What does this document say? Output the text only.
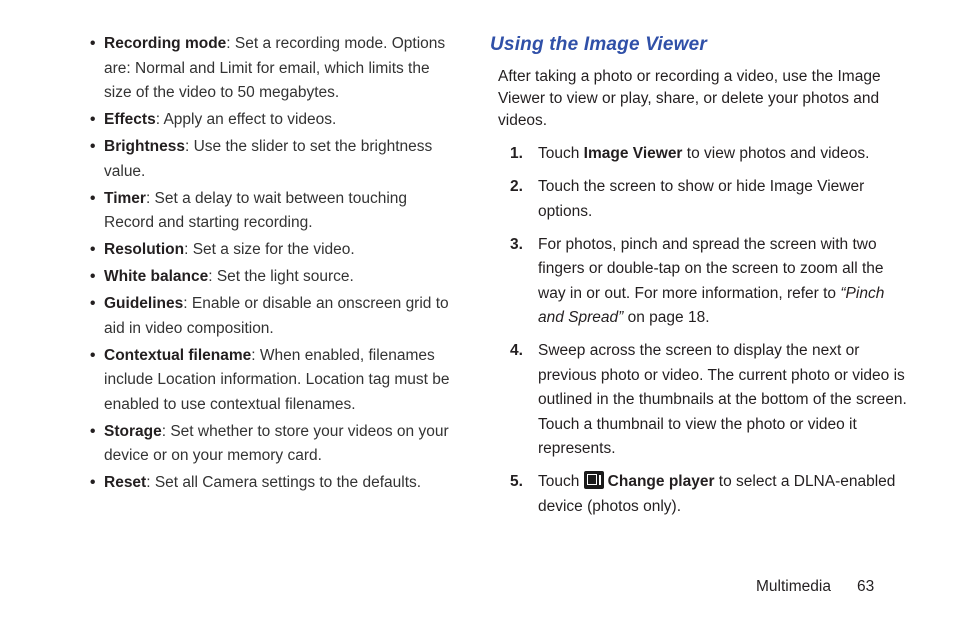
• Recording mode: Set a recording mode. Options are: Normal and Limit for email, which limits the size of the video to 50 megabytes.
• Effects: Apply an effect to videos.
• Brightness: Use the slider to set the brightness value.
• Timer: Set a delay to wait between touching Record and starting recording.
• Resolution: Set a size for the video.
• White balance: Set the light source.
• Guidelines: Enable or disable an onscreen grid to aid in video composition.
• Contextual filename: When enabled, filenames include Location information. Location tag must be enabled to use contextual filenames.
• Storage: Set whether to store your videos on your device or on your memory card.
• Reset: Set all Camera settings to the defaults.
Using the Image Viewer
After taking a photo or recording a video, use the Image Viewer to view or play, share, or delete your photos and videos.
1. Touch Image Viewer to view photos and videos.
2. Touch the screen to show or hide Image Viewer options.
3. For photos, pinch and spread the screen with two fingers or double-tap on the screen to zoom all the way in or out. For more information, refer to “Pinch and Spread” on page 18.
4. Sweep across the screen to display the next or previous photo or video. The current photo or video is outlined in the thumbnails at the bottom of the screen. Touch a thumbnail to view the photo or video it represents.
5. Touch
Change player to select a DLNA-enabled device (photos only).
Multimedia 63
